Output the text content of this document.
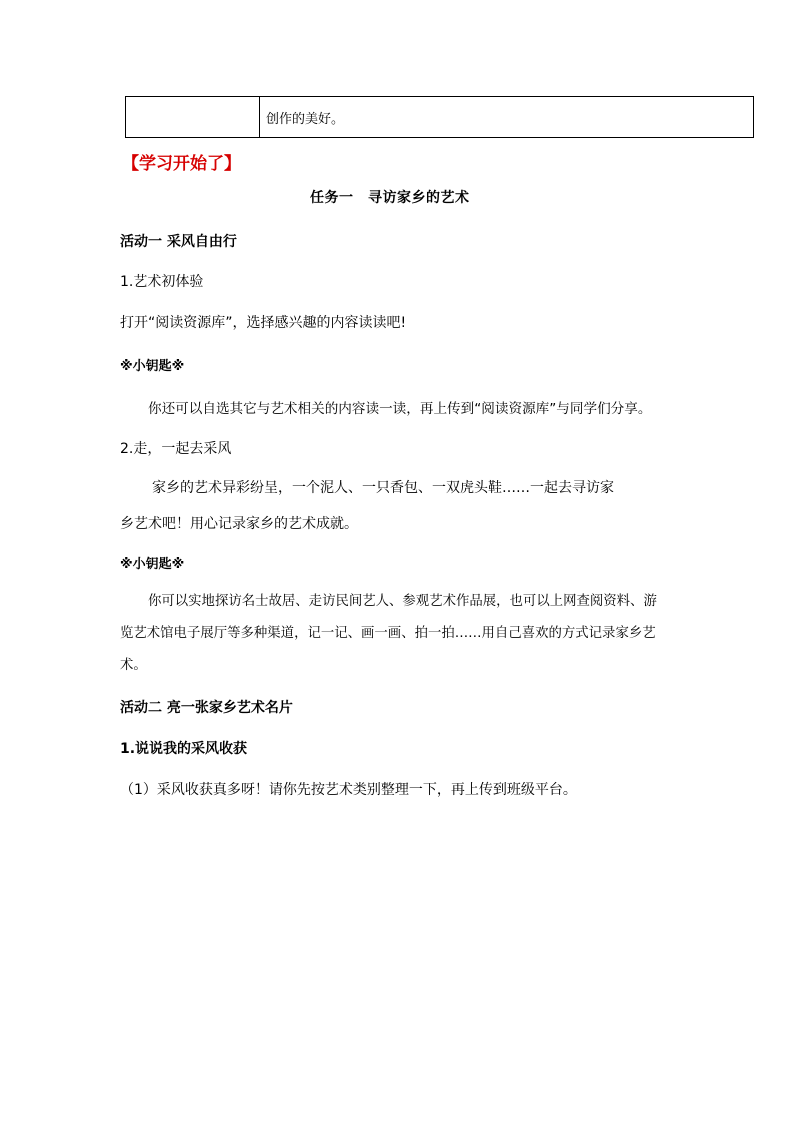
	创作的美好。
【学习开始了】
任务一　寻访家乡的艺术
活动一 采风自由行
1.艺术初体验
打开“阅读资源库”，选择感兴趣的内容读读吧!
※小钥匙※
你还可以自选其它与艺术相关的内容读一读，再上传到“阅读资源库”与同学们分享。
2.走，一起去采风
家乡的艺术异彩纷呈，一个泥人、一只香包、一双虎头鞋……一起去寻访家
乡艺术吧！用心记录家乡的艺术成就。
※小钥匙※
你可以实地探访名士故居、走访民间艺人、参观艺术作品展，也可以上网查阅资料、游
览艺术馆电子展厅等多种渠道，记一记、画一画、拍一拍……用自己喜欢的方式记录家乡艺
术。
活动二 亮一张家乡艺术名片
1.说说我的采风收获
（1）采风收获真多呀！请你先按艺术类别整理一下，再上传到班级平台。
